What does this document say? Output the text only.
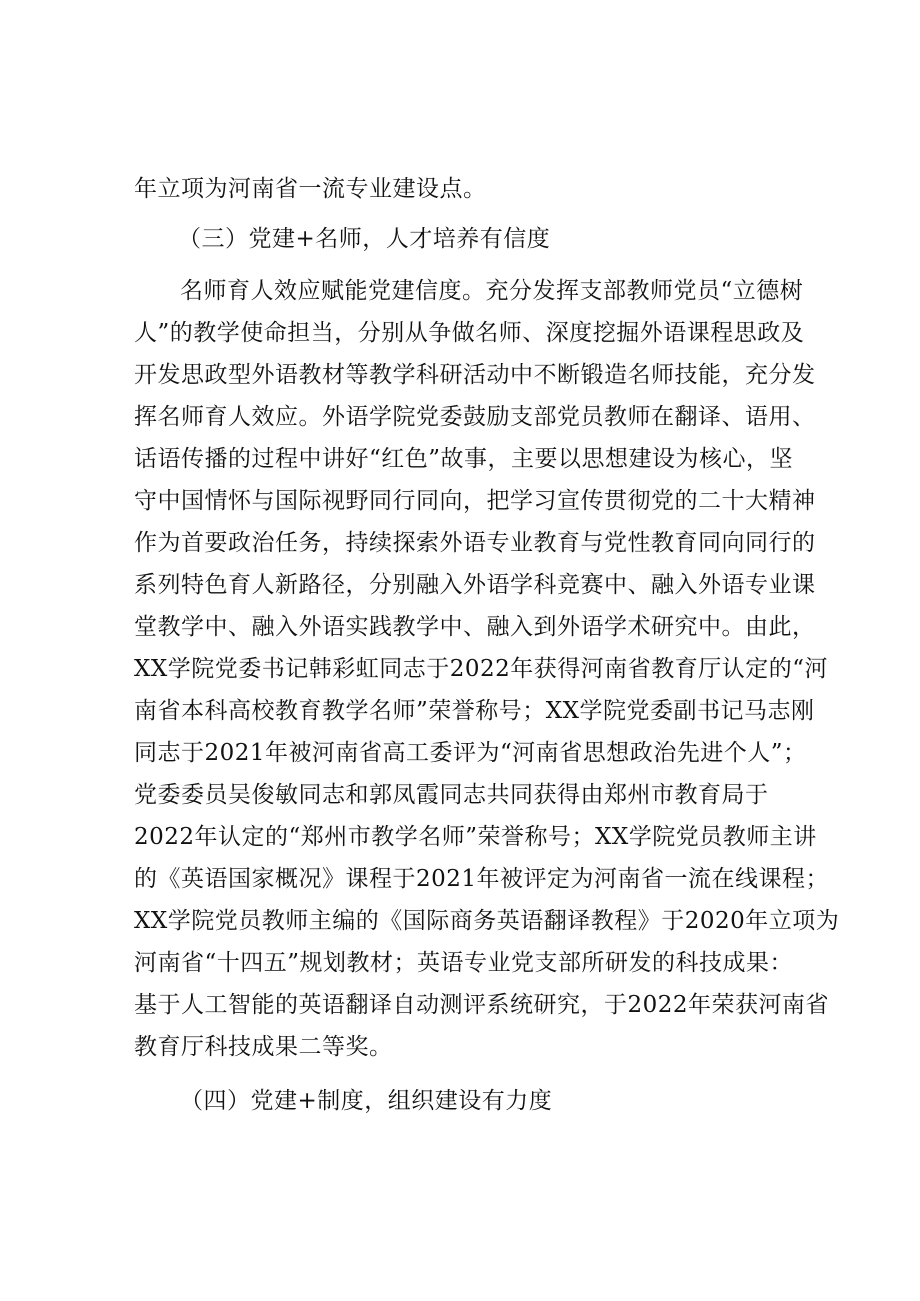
年立项为河南省一流专业建设点。
（三）党建+名师，人才培养有信度
名师育人效应赋能党建信度。充分发挥支部教师党员“立德树
人”的教学使命担当，分别从争做名师、深度挖掘外语课程思政及
开发思政型外语教材等教学科研活动中不断锻造名师技能，充分发
挥名师育人效应。外语学院党委鼓励支部党员教师在翻译、语用、
话语传播的过程中讲好“红色”故事，主要以思想建设为核心，坚
守中国情怀与国际视野同行同向，把学习宣传贯彻党的二十大精神
作为首要政治任务，持续探索外语专业教育与党性教育同向同行的
系列特色育人新路径，分别融入外语学科竞赛中、融入外语专业课
堂教学中、融入外语实践教学中、融入到外语学术研究中。由此，
XX学院党委书记韩彩虹同志于2022年获得河南省教育厅认定的“河
南省本科高校教育教学名师”荣誉称号；XX学院党委副书记马志刚
同志于2021年被河南省高工委评为“河南省思想政治先进个人”；
党委委员吴俊敏同志和郭凤霞同志共同获得由郑州市教育局于
2022年认定的“郑州市教学名师”荣誉称号；XX学院党员教师主讲
的《英语国家概况》课程于2021年被评定为河南省一流在线课程；
XX学院党员教师主编的《国际商务英语翻译教程》于2020年立项为
河南省“十四五”规划教材；英语专业党支部所研发的科技成果：
基于人工智能的英语翻译自动测评系统研究，于2022年荣获河南省
教育厅科技成果二等奖。
（四）党建+制度，组织建设有力度
